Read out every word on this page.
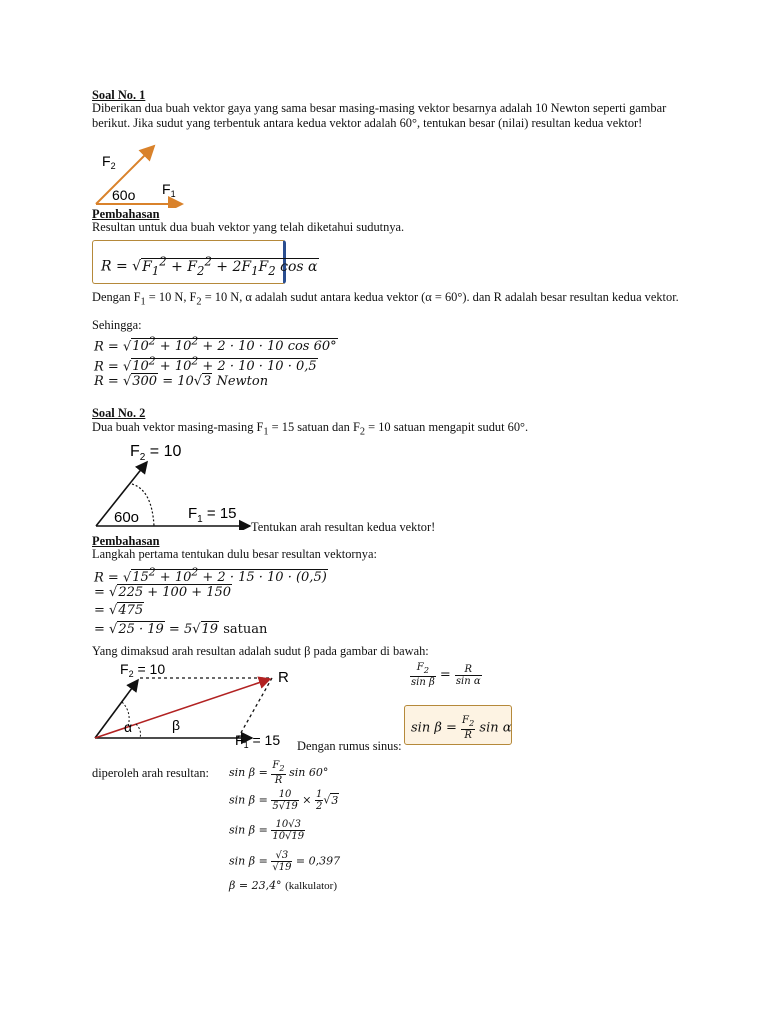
Soal No. 1
Diberikan dua buah vektor gaya yang sama besar masing-masing vektor besarnya adalah 10 Newton seperti gambar berikut. Jika sudut yang terbentuk antara kedua vektor adalah 60°, tentukan besar (nilai) resultan kedua vektor!
$F_2$
$F_1$
60o
Pembahasan
Resultan untuk dua buah vektor yang telah diketahui sudutnya.
$R = √F_1^2 + F_2^2 + 2F_1F_2$ cos α
Dengan $F_1 = 10$ N, $F_2 = 10$ N, α adalah sudut antara kedua vektor (α = 60°). dan R adalah besar resultan kedua vektor.
Sehingga:
$R = √10^2 + 10^2 + 2 \cdot 10 \cdot 10$ cos 60°
$R = √10^2 + 10^2 + 2 \cdot 10 \cdot 10 \cdot 0,5$
R = √300 = 10√3 Newton
Soal No. 2
Dua buah vektor masing-masing $F_1 = 15$ satuan dan $F_2 = 10$ satuan mengapit sudut 60°.
$F_2 = 10$
$F_1 = 15$
60o
Tentukan arah resultan kedua vektor!
Pembahasan
Langkah pertama tentukan dulu besar resultan vektornya:
$R = √15^2 + 10^2 + 2 \cdot 15 \cdot 10 \cdot (0,5)$
= √225 + 100 + 150
= √475
= √25 · 19 = 5√19 satuan
Yang dimaksud arah resultan adalah sudut β pada gambar di bawah:
$F_2 = 10$	R
α	β
$F_1 = 15$
$\frac{F_2}{\text{sin β}} = \frac{R}{\text{sin α}}$
$\sin \beta = \frac{F_2}{R}$ sin α
Dengan rumus sinus:
diperoleh arah resultan: $\sin \beta = \frac{F_2}{R}$ sin 60°
$\sin \beta = \frac{10}{5√19} \times \frac{1}{2} √3$
$\sin \beta = \frac{10√3}{10√19}$
$\sin \beta = \frac{√3}{√19} = 0,397$
β = 23,4° (kalkulator)
